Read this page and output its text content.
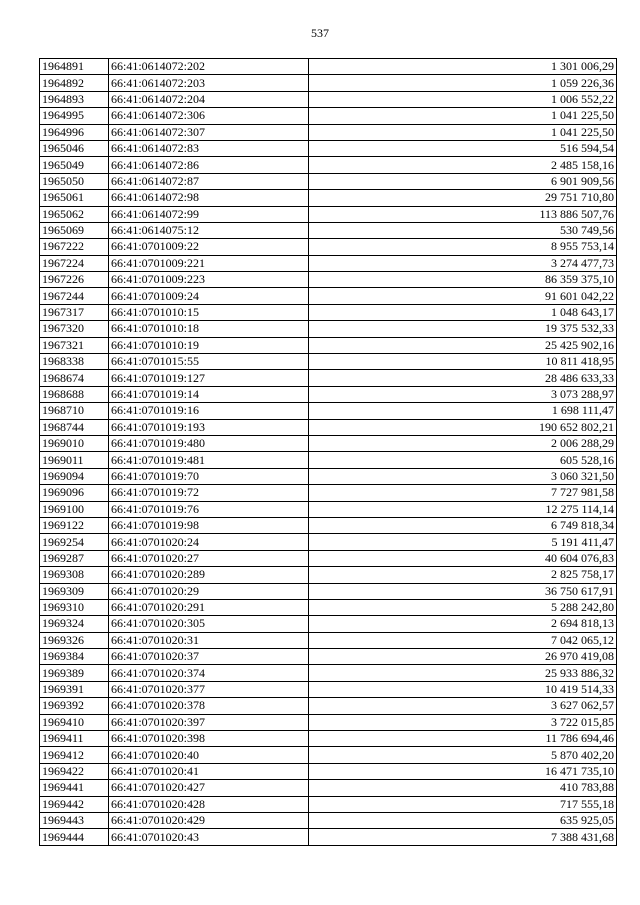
537
1964891	66:41:0614072:202	1 301 006,29
1964892	66:41:0614072:203	1 059 226,36
1964893	66:41:0614072:204	1 006 552,22
1964995	66:41:0614072:306	1 041 225,50
1964996	66:41:0614072:307	1 041 225,50
1965046	66:41:0614072:83	516 594,54
1965049	66:41:0614072:86	2 485 158,16
1965050	66:41:0614072:87	6 901 909,56
1965061	66:41:0614072:98	29 751 710,80
1965062	66:41:0614072:99	113 886 507,76
1965069	66:41:0614075:12	530 749,56
1967222	66:41:0701009:22	8 955 753,14
1967224	66:41:0701009:221	3 274 477,73
1967226	66:41:0701009:223	86 359 375,10
1967244	66:41:0701009:24	91 601 042,22
1967317	66:41:0701010:15	1 048 643,17
1967320	66:41:0701010:18	19 375 532,33
1967321	66:41:0701010:19	25 425 902,16
1968338	66:41:0701015:55	10 811 418,95
1968674	66:41:0701019:127	28 486 633,33
1968688	66:41:0701019:14	3 073 288,97
1968710	66:41:0701019:16	1 698 111,47
1968744	66:41:0701019:193	190 652 802,21
1969010	66:41:0701019:480	2 006 288,29
1969011	66:41:0701019:481	605 528,16
1969094	66:41:0701019:70	3 060 321,50
1969096	66:41:0701019:72	7 727 981,58
1969100	66:41:0701019:76	12 275 114,14
1969122	66:41:0701019:98	6 749 818,34
1969254	66:41:0701020:24	5 191 411,47
1969287	66:41:0701020:27	40 604 076,83
1969308	66:41:0701020:289	2 825 758,17
1969309	66:41:0701020:29	36 750 617,91
1969310	66:41:0701020:291	5 288 242,80
1969324	66:41:0701020:305	2 694 818,13
1969326	66:41:0701020:31	7 042 065,12
1969384	66:41:0701020:37	26 970 419,08
1969389	66:41:0701020:374	25 933 886,32
1969391	66:41:0701020:377	10 419 514,33
1969392	66:41:0701020:378	3 627 062,57
1969410	66:41:0701020:397	3 722 015,85
1969411	66:41:0701020:398	11 786 694,46
1969412	66:41:0701020:40	5 870 402,20
1969422	66:41:0701020:41	16 471 735,10
1969441	66:41:0701020:427	410 783,88
1969442	66:41:0701020:428	717 555,18
1969443	66:41:0701020:429	635 925,05
1969444	66:41:0701020:43	7 388 431,68
